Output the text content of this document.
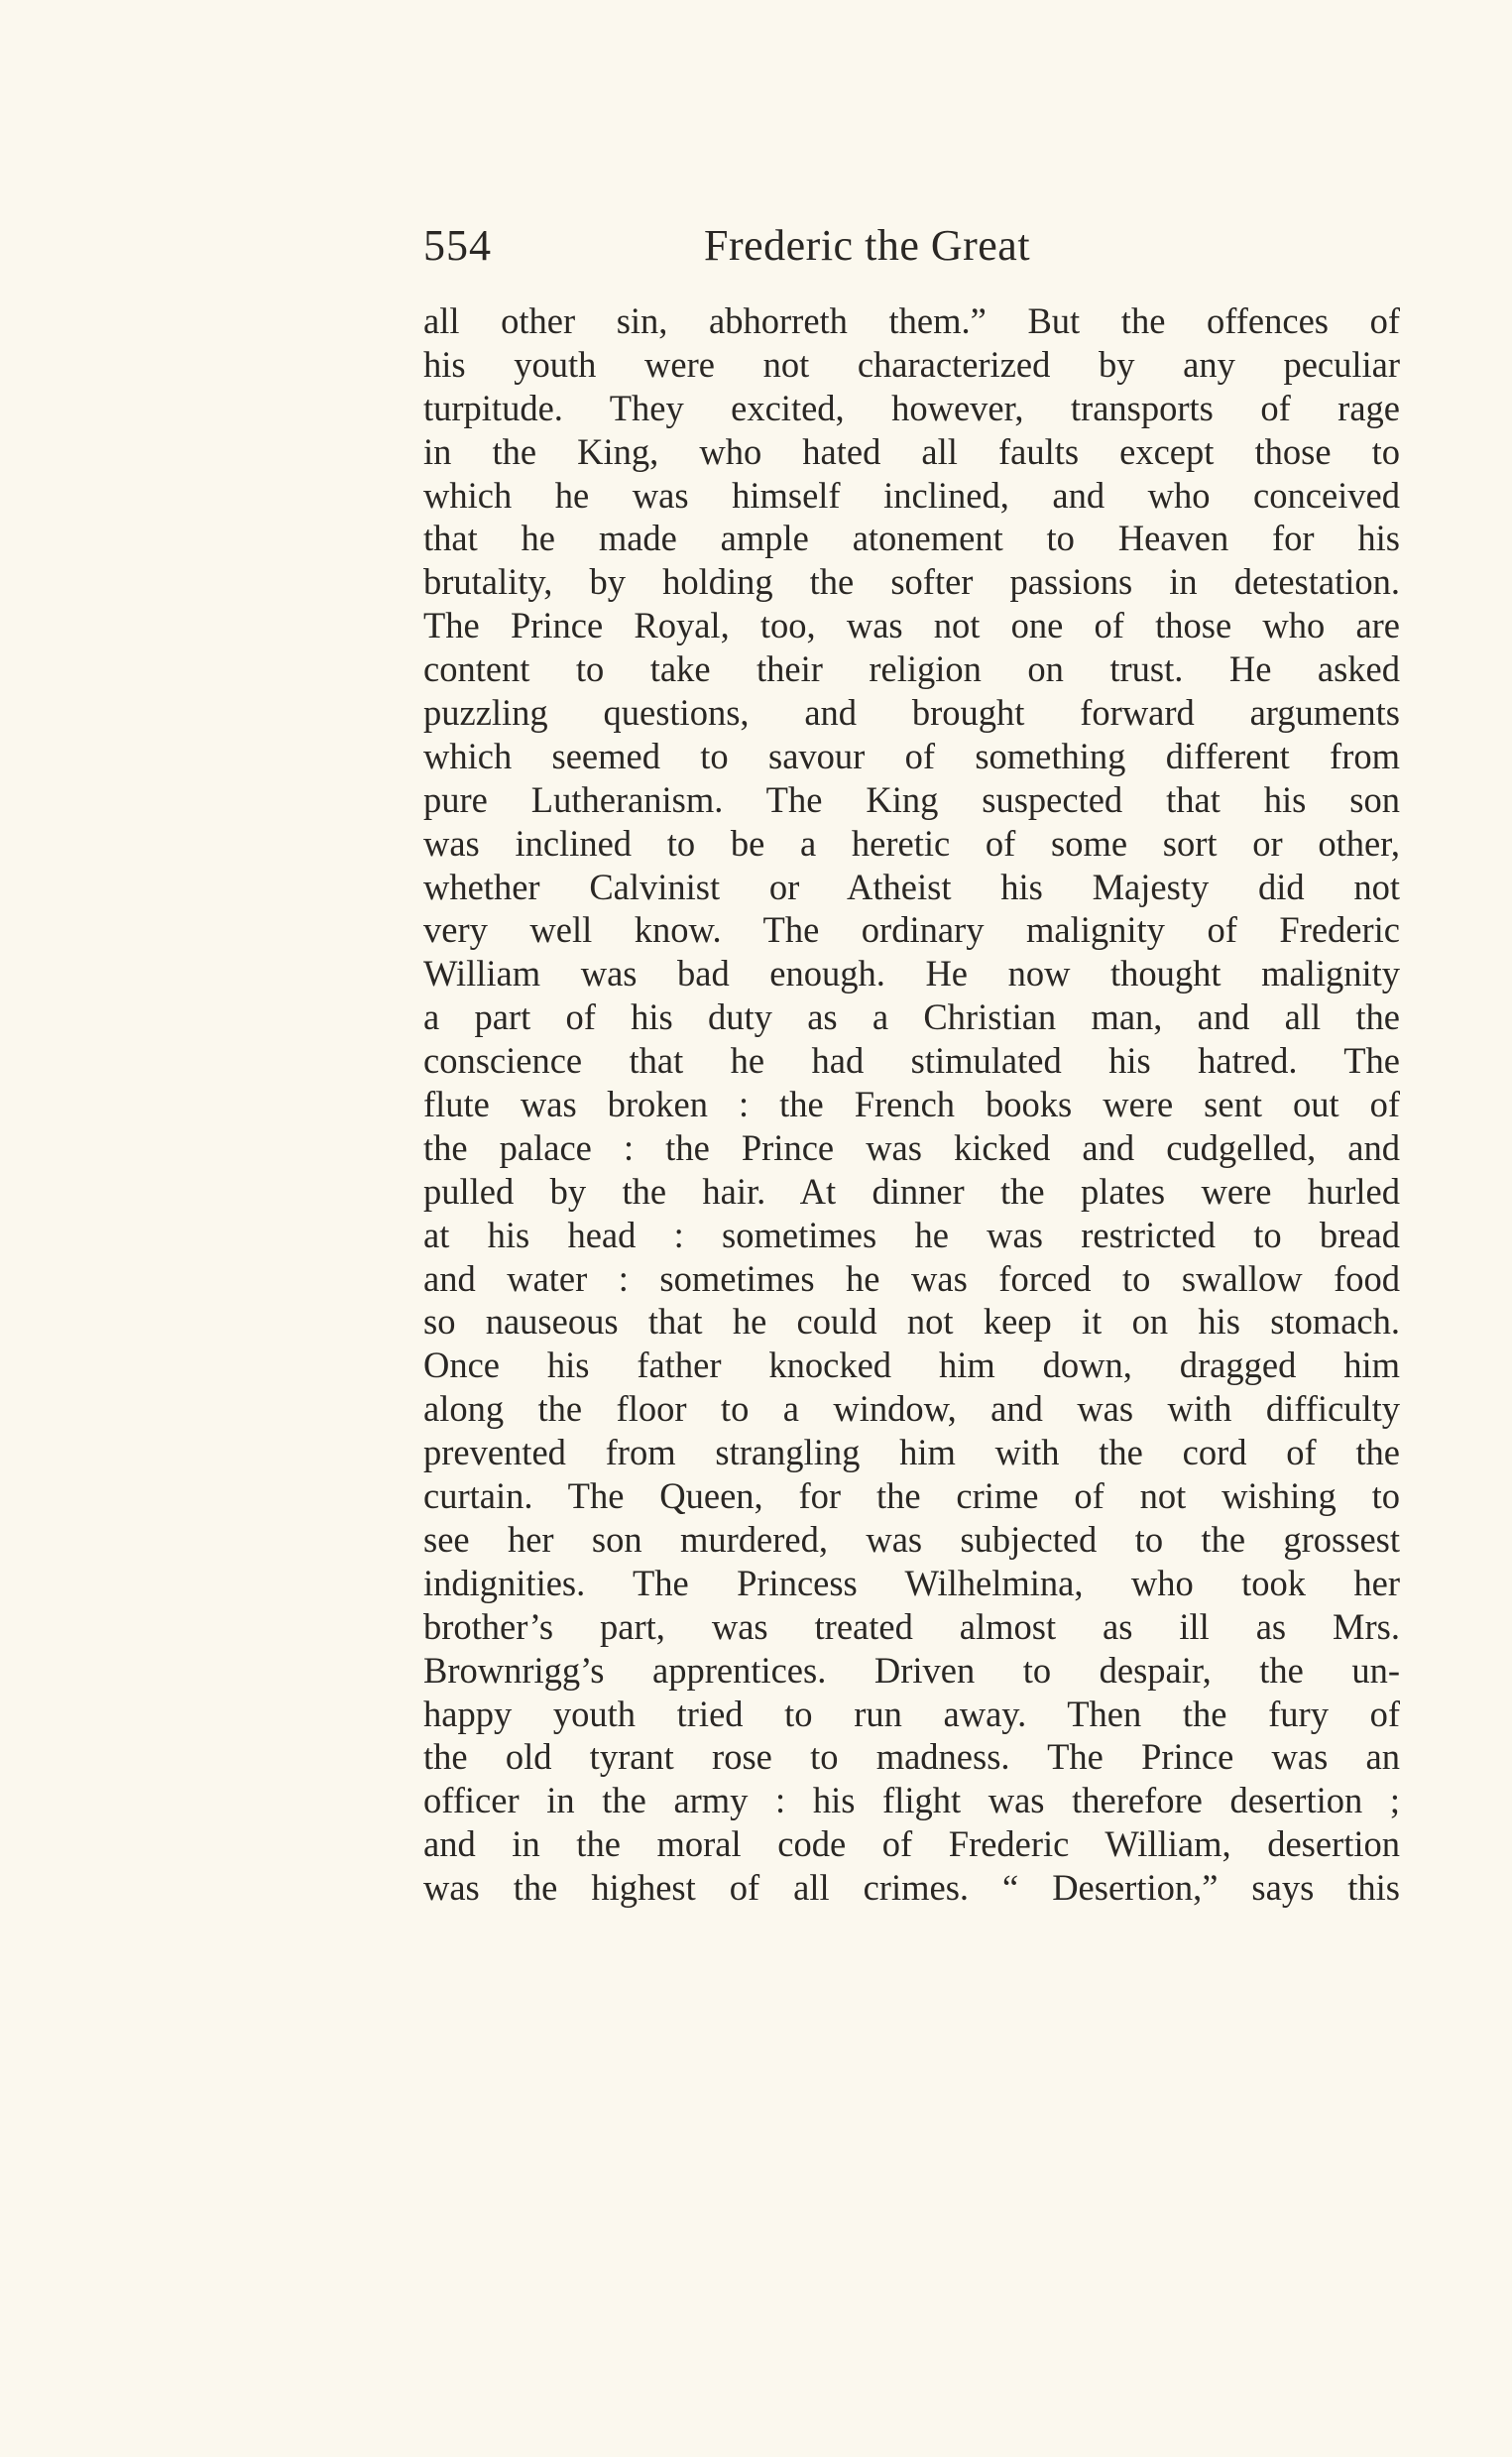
554	Frederic the Great
all other sin, abhorreth them.” But the offences of
his youth were not characterized by any peculiar
turpitude. They excited, however, transports of rage
in the King, who hated all faults except those to
which he was himself inclined, and who conceived
that he made ample atonement to Heaven for his
brutality, by holding the softer passions in detestation.
The Prince Royal, too, was not one of those who are
content to take their religion on trust. He asked
puzzling questions, and brought forward arguments
which seemed to savour of something different from
pure Lutheranism. The King suspected that his son
was inclined to be a heretic of some sort or other,
whether Calvinist or Atheist his Majesty did not
very well know. The ordinary malignity of Frederic
William was bad enough. He now thought malignity
a part of his duty as a Christian man, and all the
conscience that he had stimulated his hatred. The
flute was broken : the French books were sent out of
the palace : the Prince was kicked and cudgelled, and
pulled by the hair. At dinner the plates were hurled
at his head : sometimes he was restricted to bread
and water : sometimes he was forced to swallow food
so nauseous that he could not keep it on his stomach.
Once his father knocked him down, dragged him
along the floor to a window, and was with difficulty
prevented from strangling him with the cord of the
curtain. The Queen, for the crime of not wishing to
see her son murdered, was subjected to the grossest
indignities. The Princess Wilhelmina, who took her
brother’s part, was treated almost as ill as Mrs.
Brownrigg’s apprentices. Driven to despair, the un-
happy youth tried to run away. Then the fury of
the old tyrant rose to madness. The Prince was an
officer in the army : his flight was therefore desertion ;
and in the moral code of Frederic William, desertion
was the highest of all crimes. “ Desertion,” says this
